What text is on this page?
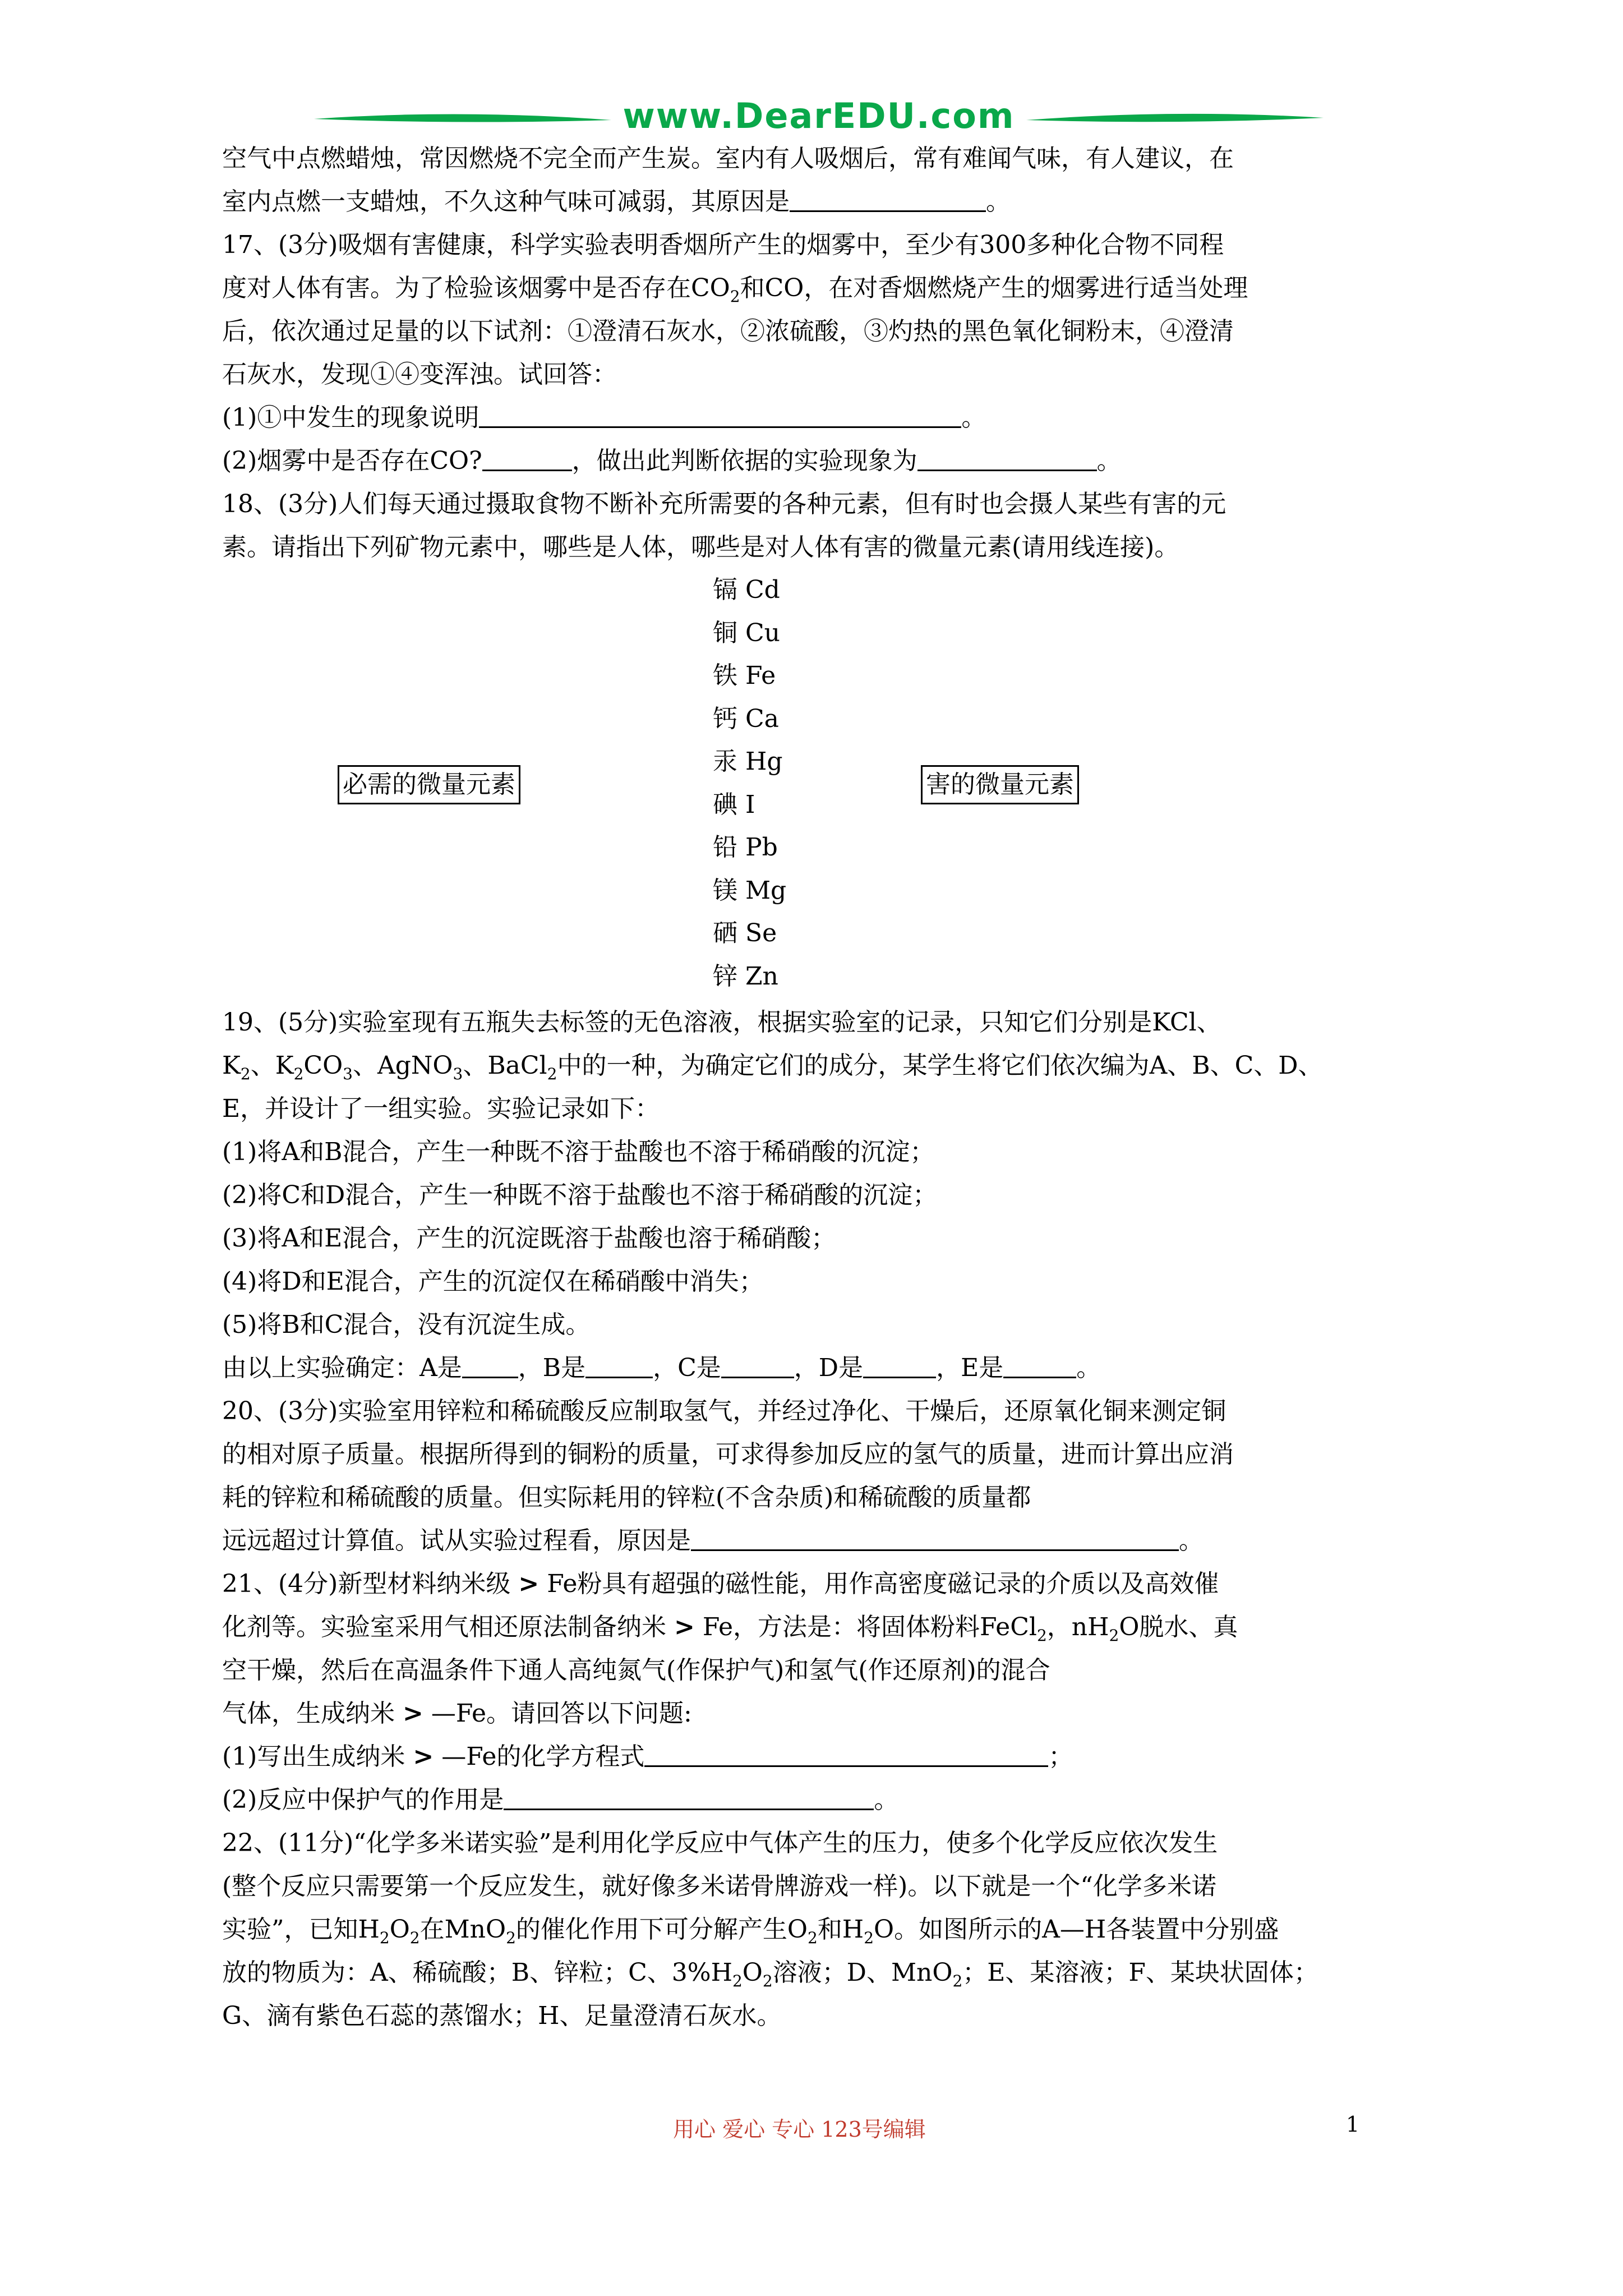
www.DearEDU.com
空气中点燃蜡烛，常因燃烧不完全而产生炭。室内有人吸烟后，常有难闻气味，有人建议，在
室内点燃一支蜡烛，不久这种气味可减弱，其原因是	。
17、(3分)吸烟有害健康，科学实验表明香烟所产生的烟雾中，至少有300多种化合物不同程
度对人体有害。为了检验该烟雾中是否存在$CO_2$和CO，在对香烟燃烧产生的烟雾进行适当处理
后，依次通过足量的以下试剂：①澄清石灰水，②浓硫酸，③灼热的黑色氧化铜粉末，④澄清
石灰水，发现①④变浑浊。试回答：
(1)①中发生的现象说明	。
(2)烟雾中是否存在CO?	，做出此判断依据的实验现象为	。
18、(3分)人们每天通过摄取食物不断补充所需要的各种元素，但有时也会摄人某些有害的元
素。请指出下列矿物元素中，哪些是人体，哪些是对人体有害的微量元素(请用线连接)。
必需的微量元素
镉 Cd
铜 Cu
铁 Fe
钙 Ca
汞 Hg
碘 I
铅 Pb
镁 Mg
硒 Se
锌 Zn
害的微量元素
19、(5分)实验室现有五瓶失去标签的无色溶液，根据实验室的记录，只知它们分别是KCl、
$K_2$、$K_2CO_3$、AgNO$_3$、BaCl$_2$中的一种，为确定它们的成分，某学生将它们依次编为A、B、C、D、
E，并设计了一组实验。实验记录如下：
(1)将A和B混合，产生一种既不溶于盐酸也不溶于稀硝酸的沉淀；
(2)将C和D混合，产生一种既不溶于盐酸也不溶于稀硝酸的沉淀；
(3)将A和E混合，产生的沉淀既溶于盐酸也溶于稀硝酸；
(4)将D和E混合，产生的沉淀仅在稀硝酸中消失；
(5)将B和C混合，没有沉淀生成。
由以上实验确定：A是 ，B是	，C是	，D是	，E是	。
20、(3分)实验室用锌粒和稀硫酸反应制取氢气，并经过净化、干燥后，还原氧化铜来测定铜
的相对原子质量。根据所得到的铜粉的质量，可求得参加反应的氢气的质量，进而计算出应消
耗的锌粒和稀硫酸的质量。但实际耗用的锌粒(不含杂质)和稀硫酸的质量都
远远超过计算值。试从实验过程看，原因是	。
21、(4分)新型材料纳米级 > Fe粉具有超强的磁性能，用作高密度磁记录的介质以及高效催
化剂等。实验室采用气相还原法制备纳米 > Fe，方法是：将固体粉料FeCl$_2$，$nH_2O$脱水、真
空干燥，然后在高温条件下通人高纯氮气(作保护气)和氢气(作还原剂)的混合
气体，生成纳米 > —Fe。请回答以下问题:
(1)写出生成纳米 > —Fe的化学方程式	；
(2)反应中保护气的作用是	。
22、(11分)“化学多米诺实验”是利用化学反应中气体产生的压力，使多个化学反应依次发生
(整个反应只需要第一个反应发生，就好像多米诺骨牌游戏一样)。以下就是一个“化学多米诺
实验”，已知$H_2O_2$在MnO$_2$的催化作用下可分解产生$O_2$和$H_2O$。如图所示的A—H各装置中分别盛
放的物质为：A、稀硫酸；B、锌粒；C、$3\%H_2O_2$溶液；D、MnO$_2$；E、某溶液；F、某块状固体；
G、滴有紫色石蕊的蒸馏水；H、足量澄清石灰水。
用心 爱心 专心 123号编辑	1
